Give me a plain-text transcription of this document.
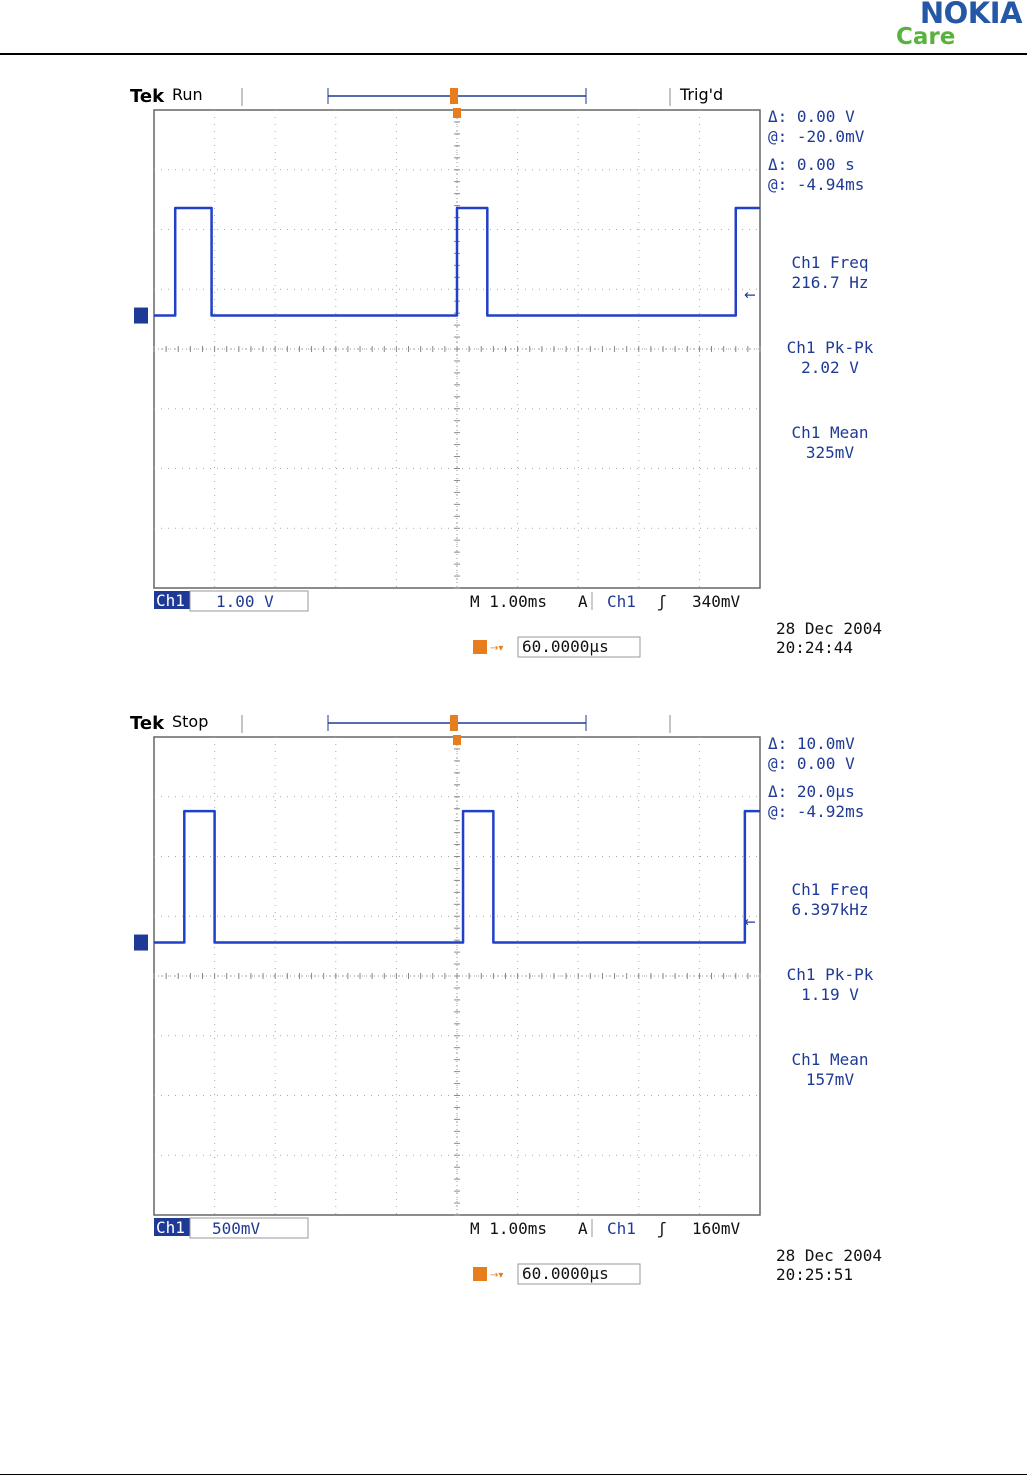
NOKIA
Care
Tek Run	Trig'd
←
Δ: 0.00 V
@: -20.0mV
Δ: 0.00 s
@: -4.94ms
Ch1 Freq
216.7 Hz
Ch1 Pk-Pk
2.02 V
Ch1 Mean
325mV
Ch1 1.00 V	M 1.00ms A Ch1 ʃ 340mV
→▾ 60.0000µs
28 Dec 2004
20:24:44
Tek Stop
←
Δ: 10.0mV
@: 0.00 V
Δ: 20.0µs
@: -4.92ms
Ch1 Freq
6.397kHz
Ch1 Pk-Pk
1.19 V
Ch1 Mean
157mV
Ch1 500mV	M 1.00ms A Ch1 ʃ 160mV
→▾ 60.0000µs
28 Dec 2004
20:25:51
